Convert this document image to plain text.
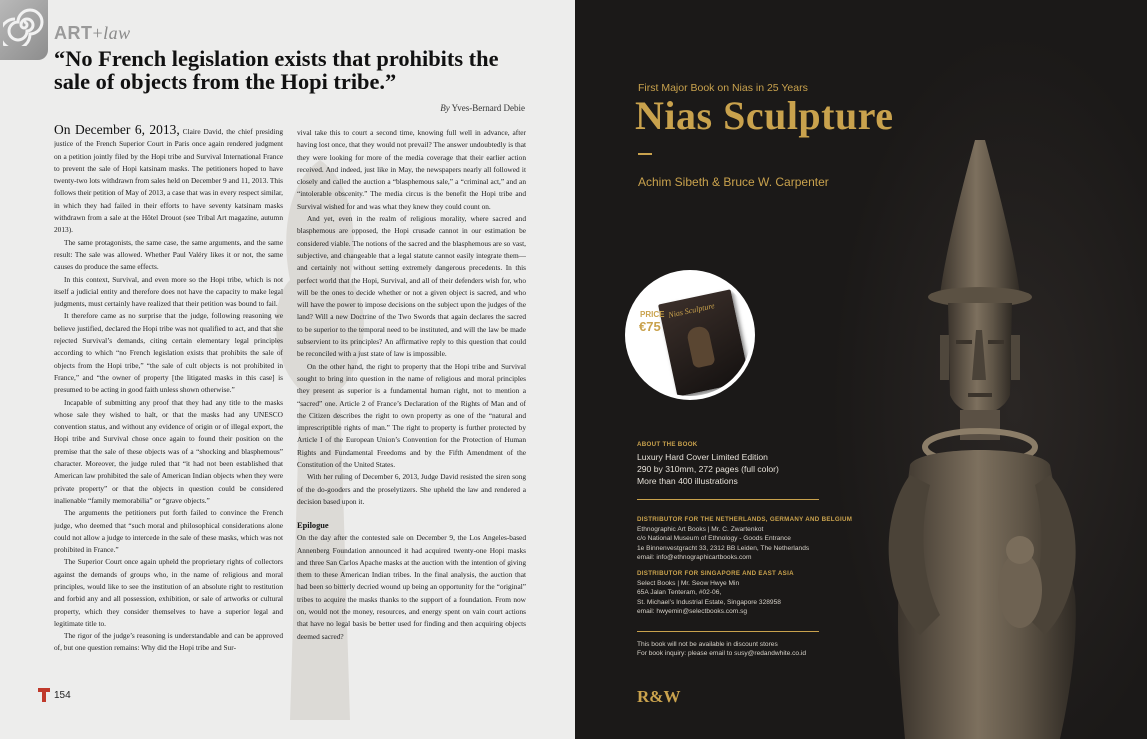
ART+law
“No French legislation exists that prohibits the sale of objects from the Hopi tribe.”
By Yves-Bernard Debie

On December 6, 2013, Claire David, the chief presiding justice of the French Superior Court in Paris once again rendered judgment on a petition jointly filed by the Hopi tribe and Survival International France to prevent the sale of Hopi katsinam masks. The petitioners hoped to have twenty-two lots withdrawn from sales held on December 9 and 11, 2013. This follows their petition of May of 2013, a case that was in every respect similar, in which they had failed in their efforts to have seventy katsinam masks withdrawn from a sale at the Hôtel Drouot (see Tribal Art magazine, autumn 2013).

The same protagonists, the same case, the same arguments, and the same result: The sale was allowed. Whether Paul Valéry likes it or not, the same causes do produce the same effects.

In this context, Survival, and even more so the Hopi tribe, which is not itself a judicial entity and therefore does not have the capacity to make legal judgments, must certainly have realized that their petition was bound to fail.

It therefore came as no surprise that the judge, following reasoning we believe justified, declared the Hopi tribe was not qualified to act, and that she rejected Survival’s demands, citing certain elementary legal principles according to which “no French legislation exists that prohibits the sale of objects from the Hopi tribe,” “the sale of cult objects is not prohibited in France,” and “the owner of property [the litigated masks in this case] is presumed to be acting in good faith unless shown otherwise.”

Incapable of submitting any proof that they had any title to the masks whose sale they wished to halt, or that the masks had any UNESCO convention status, and without any evidence of origin or of illegal export, the Hopi tribe and Survival chose once again to found their position on the premise that the sale of these objects was of a “shocking and blasphemous” character. Moreover, the judge ruled that “it had not been established that American law prohibited the sale of American Indian objects when they were private property” or that the objects in question could be considered inalienable “family memorabilia” or “grave objects.”

The arguments the petitioners put forth failed to convince the French judge, who deemed that “such moral and philosophical considerations alone could not allow a judge to intercede in the sale of these masks, which was not prohibited in France.”

The Superior Court once again upheld the proprietary rights of collectors against the demands of groups who, in the name of religious and moral principles, would like to see the institution of an absolute right to restitution and forbid any and all possession, exhibition, or sale of artworks or cultural property, which they consider themselves to have a superior legal and legitimate title to.

The rigor of the judge’s reasoning is understandable and can be approved of, but one question remains: Why did the Hopi tribe and Sur-

vival take this to court a second time, knowing full well in advance, after having lost once, that they would not prevail? The answer undoubtedly is that they were looking for more of the media coverage that their earlier action received. And indeed, just like in May, the newspapers nearly all followed it closely and called the auction a “blasphemous sale,” a “criminal act,” and an “intolerable obscenity.” The media circus is the benefit the Hopi tribe and Survival wished for and was what they knew they could count on.

And yet, even in the realm of religious morality, where sacred and blasphemous are opposed, the Hopi crusade cannot in our estimation be considered viable. The notions of the sacred and the blasphemous are so vast, subjective, and changeable that a legal statute cannot easily integrate them—and certainly not without setting extremely dangerous precedents. In this perfect world that the Hopi, Survival, and all of their defenders wish for, who will be the ones to decide whether or not a given object is sacred, and who will have the power to impose decisions on the subject upon the judges of the land? Will a new Doctrine of the Two Swords that again declares the sacred to be superior to the temporal need to be instituted, and will the law be made subservient to its principles? An affirmative reply to this question that could be reconciled with a just state of law is impossible.

On the other hand, the right to property that the Hopi tribe and Survival sought to bring into question in the name of religious and moral principles they present as superior is a fundamental human right, not to mention a “sacred” one. Article 2 of France’s Declaration of the Rights of Man and of the Citizen describes the right to own property as one of the “natural and imprescriptible rights of man.” The right to property is further protected by Article I of the European Union’s Convention for the Protection of Human Rights and Fundamental Freedoms and by the Fifth Amendment of the Constitution of the United States.

With her ruling of December 6, 2013, Judge David resisted the siren song of the do-gooders and the proselytizers. She upheld the law and rendered a decision based upon it.

Epilogue

On the day after the contested sale on December 9, the Los Angeles-based Annenberg Foundation announced it had acquired twenty-one Hopi masks and three San Carlos Apache masks at the auction with the intention of giving them to these American Indian tribes. In the final analysis, the auction that had been so bitterly decried wound up being an opportunity for the “original” tribes to acquire the masks thanks to the support of a foundation. From now on, would not the money, resources, and energy spent on vain court actions that have no legal basis be better used for finding and then acquiring objects deemed sacred?

154
First Major Book on Nias in 25 Years
Nias Sculpture
Achim Sibeth & Bruce W. Carpenter
Nias Sculpture
PRICE
€75
ABOUT THE BOOK
Luxury Hard Cover Limited Edition
290 by 310mm, 272 pages (full color)
More than 400 illustrations
DISTRIBUTOR FOR THE NETHERLANDS, GERMANY AND BELGIUM
Ethnographic Art Books | Mr. C. Zwartenkot
c/o National Museum of Ethnology - Goods Entrance
1e Binnenvestgracht 33, 2312 BB Leiden, The Netherlands
email: info@ethnographicartbooks.com
DISTRIBUTOR FOR SINGAPORE AND EAST ASIA
Select Books | Mr. Seow Hwye Min
65A Jalan Tenteram, #02-06,
St. Michael’s Industrial Estate, Singapore 328958
email: hwyemin@selectbooks.com.sg
This book will not be available in discount stores
For book inquiry: please email to susy@redandwhite.co.id
R&W
